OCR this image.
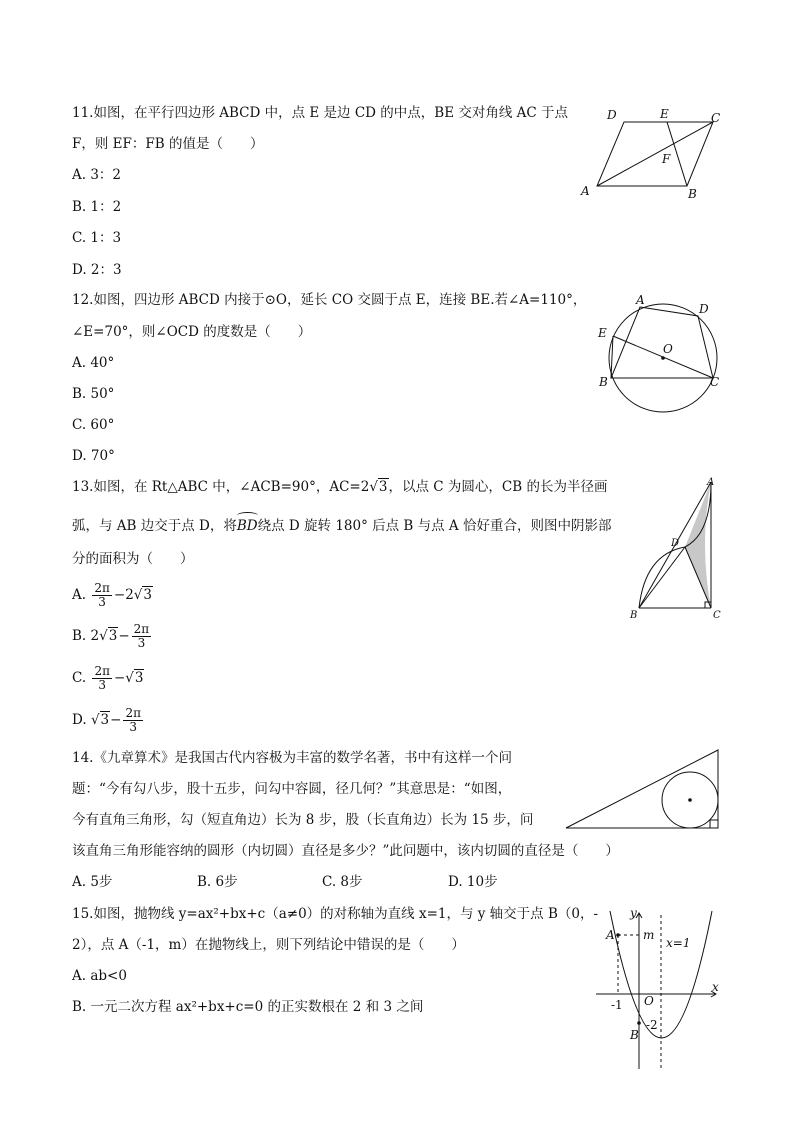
11.如图，在平行四边形 ABCD 中，点 E 是边 CD 的中点，BE 交对角线 AC 于点
F，则 EF：FB 的值是（　　）
A. 3：2
B. 1：2
C. 1：3
D. 2：3
D	E	C
F
A	B
12.如图，四边形 ABCD 内接于⊙O，延长 CO 交圆于点 E，连接 BE.若∠A=110°，
∠E=70°，则∠OCD 的度数是（　　）
A. 40°
B. 50°
C. 60°
D. 70°
A
D
E
O
B	C
13.如图，在 Rt△ABC 中，∠ACB=90°，AC=2√3，以点 C 为圆心，CB 的长为半径画
弧，与 AB 边交于点 D，将
BD绕点 D 旋转 180° 后点 B 与点 A 恰好重合，则图中阴影部
分的面积为（　　）
A. $\frac{2\pi}{3} -2√3$
B. $2√3- \frac{2\pi}{3}$
C. $\frac{2\pi}{3} -√3$
D. $√3- \frac{2\pi}{3}$
A
D
B	C
14.《九章算术》是我国古代内容极为丰富的数学名著，书中有这样一个问
题：“今有勾八步，股十五步，问勾中容圆，径几何？”其意思是：“如图，
今有直角三角形，勾（短直角边）长为 8 步，股（长直角边）长为 15 步，问
该直角三角形能容纳的圆形（内切圆）直径是多少？”此问题中，该内切圆的直径是（　　）
A. 5步	B. 6步	C. 8步	D. 10步
15.如图，抛物线 y=ax²+bx+c（a≠0）的对称轴为直线 x=1，与 y 轴交于点 B（0，-
2），点 A（-1，m）在抛物线上，则下列结论中错误的是（　　）
A. ab<0
B. 一元二次方程 ax²+bx+c=0 的正实数根在 2 和 3 之间
y
x
A m
x=1
O
-1
-2
B
